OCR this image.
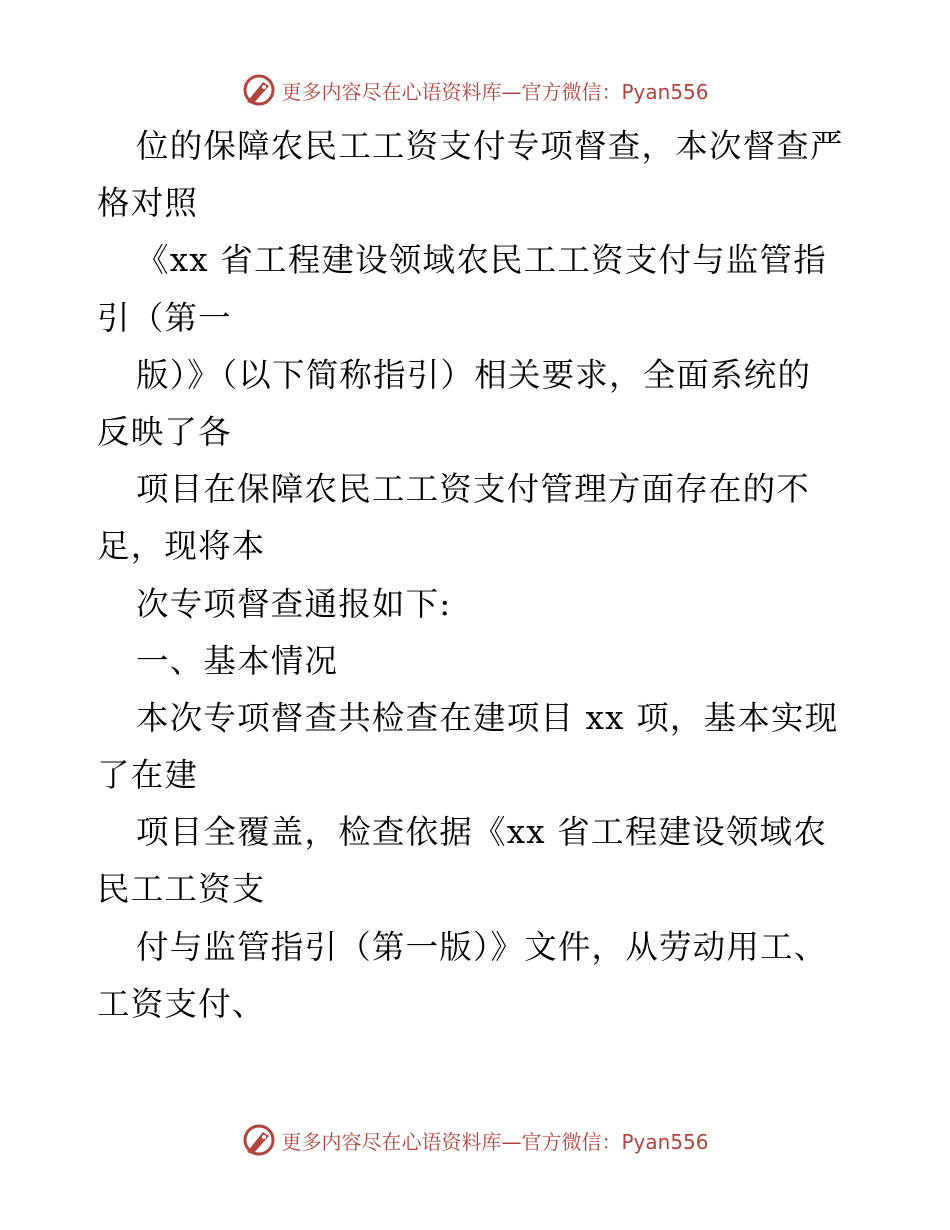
更多内容尽在心语资料库—官方微信：Pyan556
位的保障农民工工资支付专项督查，本次督查严
格对照
《xx 省工程建设领域农民工工资支付与监管指
引（第一
版）》（以下简称指引）相关要求，全面系统的
反映了各
项目在保障农民工工资支付管理方面存在的不
足，现将本
次专项督查通报如下:
一、基本情况
本次专项督查共检查在建项目 xx 项，基本实现
了在建
项目全覆盖，检查依据《xx 省工程建设领域农
民工工资支
付与监管指引（第一版）》文件，从劳动用工、
工资支付、
更多内容尽在心语资料库—官方微信：Pyan556
